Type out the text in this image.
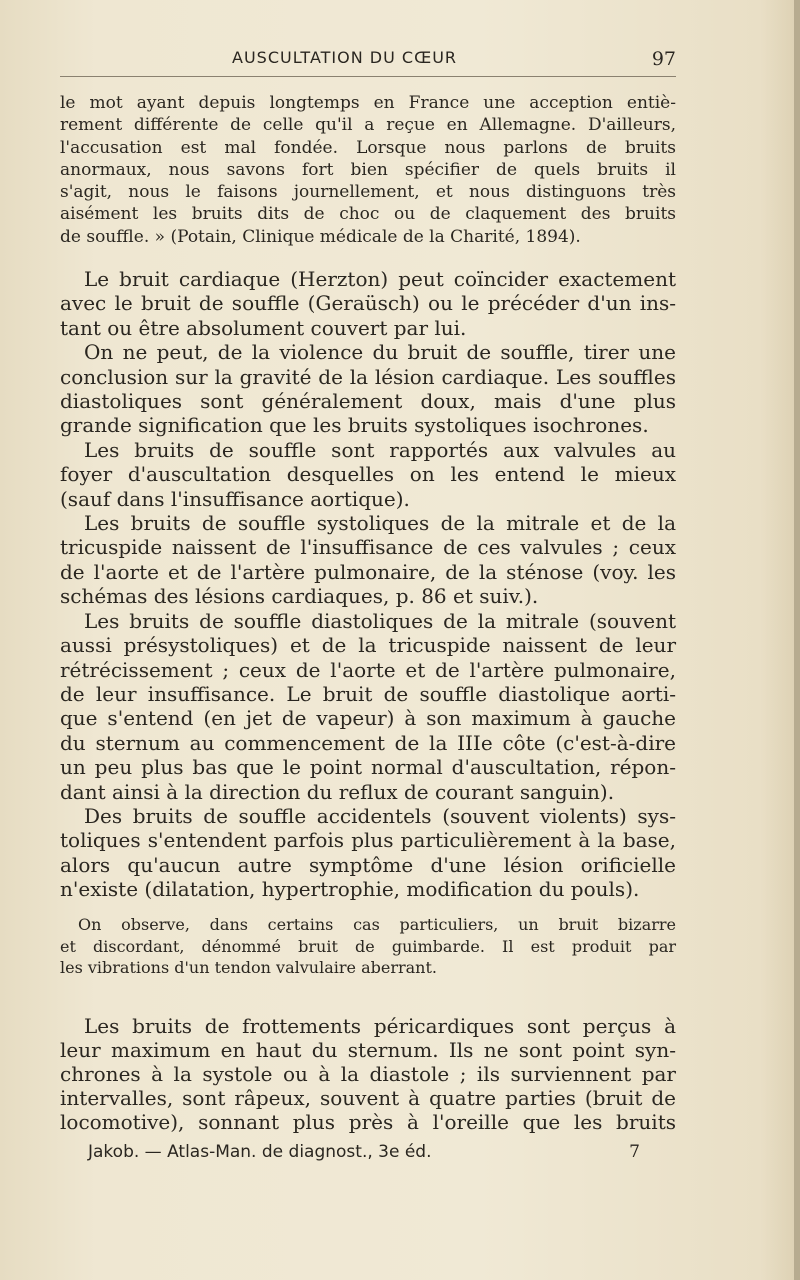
AUSCULTATION DU CŒUR	97
le mot ayant depuis longtemps en France une acception entiè-
rement différente de celle qu'il a reçue en Allemagne. D'ailleurs,
l'accusation est mal fondée. Lorsque nous parlons de bruits
anormaux, nous savons fort bien spécifier de quels bruits il
s'agit, nous le faisons journellement, et nous distinguons très
aisément les bruits dits de choc ou de claquement des bruits
de souffle. » (Potain, Clinique médicale de la Charité, 1894).
Le bruit cardiaque (Herzton) peut coïncider exactement
avec le bruit de souffle (Geraüsch) ou le précéder d'un ins-
tant ou être absolument couvert par lui.
On ne peut, de la violence du bruit de souffle, tirer une
conclusion sur la gravité de la lésion cardiaque. Les souffles
diastoliques sont généralement doux, mais d'une plus
grande signification que les bruits systoliques isochrones.
Les bruits de souffle sont rapportés aux valvules au
foyer d'auscultation desquelles on les entend le mieux
(sauf dans l'insuffisance aortique).
Les bruits de souffle systoliques de la mitrale et de la
tricuspide naissent de l'insuffisance de ces valvules ; ceux
de l'aorte et de l'artère pulmonaire, de la sténose (voy. les
schémas des lésions cardiaques, p. 86 et suiv.).
Les bruits de souffle diastoliques de la mitrale (souvent
aussi présystoliques) et de la tricuspide naissent de leur
rétrécissement ; ceux de l'aorte et de l'artère pulmonaire,
de leur insuffisance. Le bruit de souffle diastolique aorti-
que s'entend (en jet de vapeur) à son maximum à gauche
du sternum au commencement de la IIIe côte (c'est-à-dire
un peu plus bas que le point normal d'auscultation, répon-
dant ainsi à la direction du reflux de courant sanguin).
Des bruits de souffle accidentels (souvent violents) sys-
toliques s'entendent parfois plus particulièrement à la base,
alors qu'aucun autre symptôme d'une lésion orificielle
n'existe (dilatation, hypertrophie, modification du pouls).
On observe, dans certains cas particuliers, un bruit bizarre
et discordant, dénommé bruit de guimbarde. Il est produit par
les vibrations d'un tendon valvulaire aberrant.
Les bruits de frottements péricardiques sont perçus à
leur maximum en haut du sternum. Ils ne sont point syn-
chrones à la systole ou à la diastole ; ils surviennent par
intervalles, sont râpeux, souvent à quatre parties (bruit de
locomotive), sonnant plus près à l'oreille que les bruits
Jakob. — Atlas-Man. de diagnost., 3e éd.	7
